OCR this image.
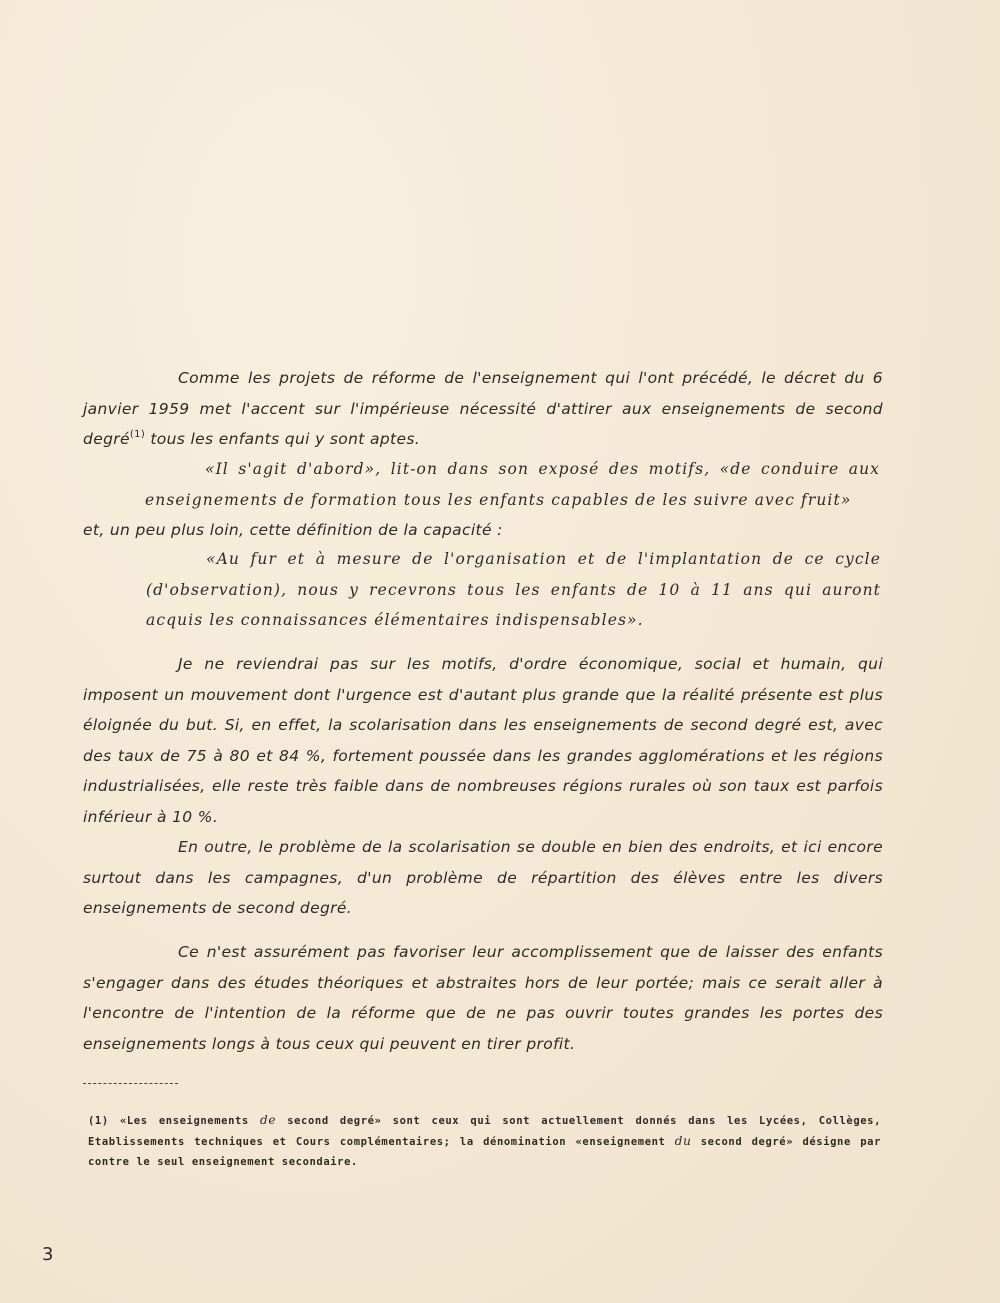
Comme les projets de réforme de l'enseignement qui l'ont précédé, le décret du 6 janvier 1959 met l'accent sur l'impérieuse nécessité d'attirer aux enseignements de second degré$^{(1)}$ tous les enfants qui y sont aptes.

«Il s'agit d'abord», lit-on dans son exposé des motifs, «de conduire aux enseignements de formation tous les enfants capables de les suivre avec fruit»

et, un peu plus loin, cette définition de la capacité :

«Au fur et à mesure de l'organisation et de l'implantation de ce cycle (d'observation), nous y recevrons tous les enfants de 10 à 11 ans qui auront acquis les connaissances élémentaires indispensables».

Je ne reviendrai pas sur les motifs, d'ordre économique, social et humain, qui imposent un mouvement dont l'urgence est d'autant plus grande que la réalité présente est plus éloignée du but. Si, en effet, la scolarisation dans les enseignements de second degré est, avec des taux de 75 à 80 et 84 %, fortement poussée dans les grandes agglomérations et les régions industrialisées, elle reste très faible dans de nombreuses régions rurales où son taux est parfois inférieur à 10 %.

En outre, le problème de la scolarisation se double en bien des endroits, et ici encore surtout dans les campagnes, d'un problème de répartition des élèves entre les divers enseignements de second degré.

Ce n'est assurément pas favoriser leur accomplissement que de laisser des enfants s'engager dans des études théoriques et abstraites hors de leur portée; mais ce serait aller à l'encontre de l'intention de la réforme que de ne pas ouvrir toutes grandes les portes des enseignements longs à tous ceux qui peuvent en tirer profit.

(1) «Les enseignements de second degré» sont ceux qui sont actuellement donnés dans les Lycées, Collèges, Etablissements techniques et Cours complémentaires; la dénomination «enseignement du second degré» désigne par contre le seul enseignement secondaire.

3
